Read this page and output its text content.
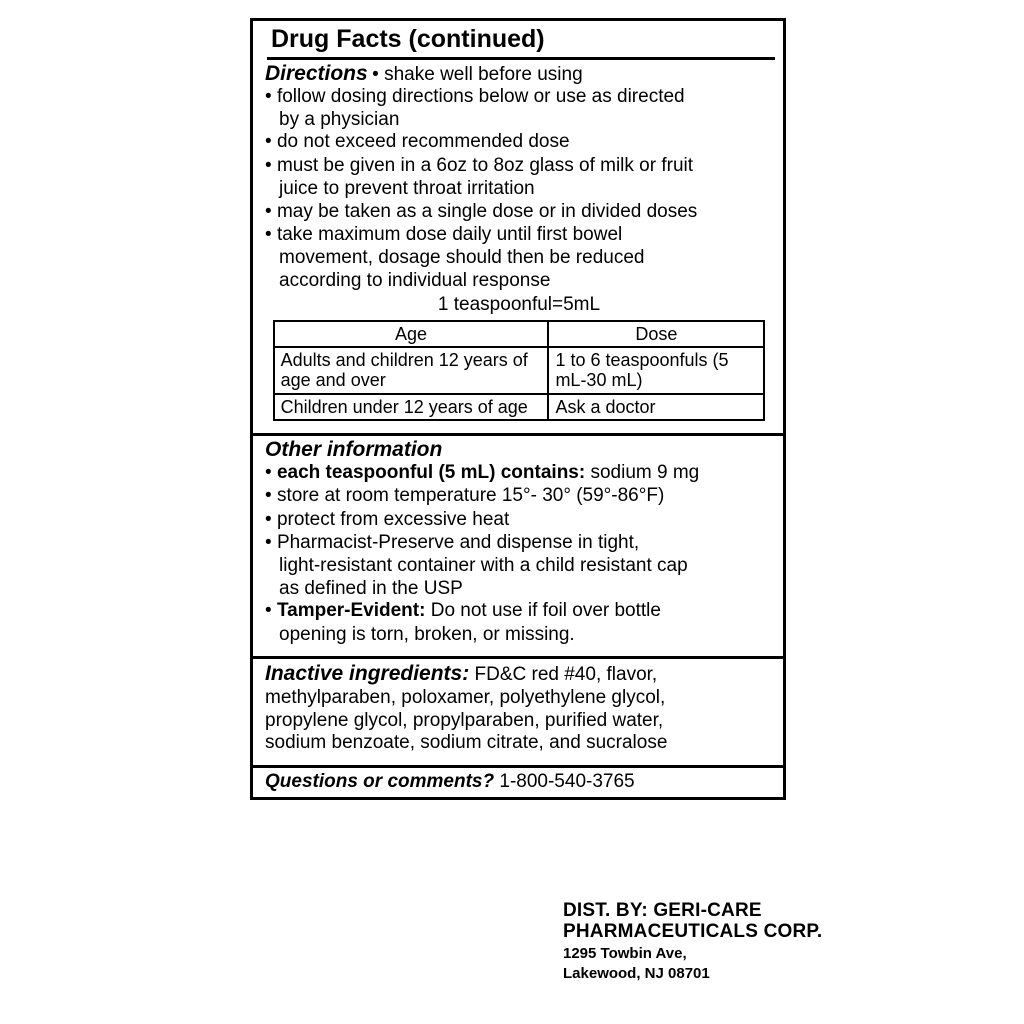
Drug Facts (continued)
Directions • shake well before using
• follow dosing directions below or use as directed
by a physician
• do not exceed recommended dose
• must be given in a 6oz to 8oz glass of milk or fruit
juice to prevent throat irritation
• may be taken as a single dose or in divided doses
• take maximum dose daily until first bowel
movement, dosage should then be reduced
according to individual response
1 teaspoonful=5mL
Age	Dose
Adults and children 12 years of age and over	1 to 6 teaspoonfuls (5 mL-30 mL)
Children under 12 years of age	Ask a doctor
Other information
• each teaspoonful (5 mL) contains: sodium 9 mg
• store at room temperature 15°- 30° (59°-86°F)
• protect from excessive heat
• Pharmacist-Preserve and dispense in tight,
light-resistant container with a child resistant cap
as defined in the USP
• Tamper-Evident: Do not use if foil over bottle
opening is torn, broken, or missing.

Inactive ingredients: FD&C red #40, flavor,

methylparaben, poloxamer, polyethylene glycol,

propylene glycol, propylparaben, purified water,

sodium benzoate, sodium citrate, and sucralose

Questions or comments? 1-800-540-3765
DIST. BY: GERI-CARE
PHARMACEUTICALS CORP.
1295 Towbin Ave,
Lakewood, NJ 08701
